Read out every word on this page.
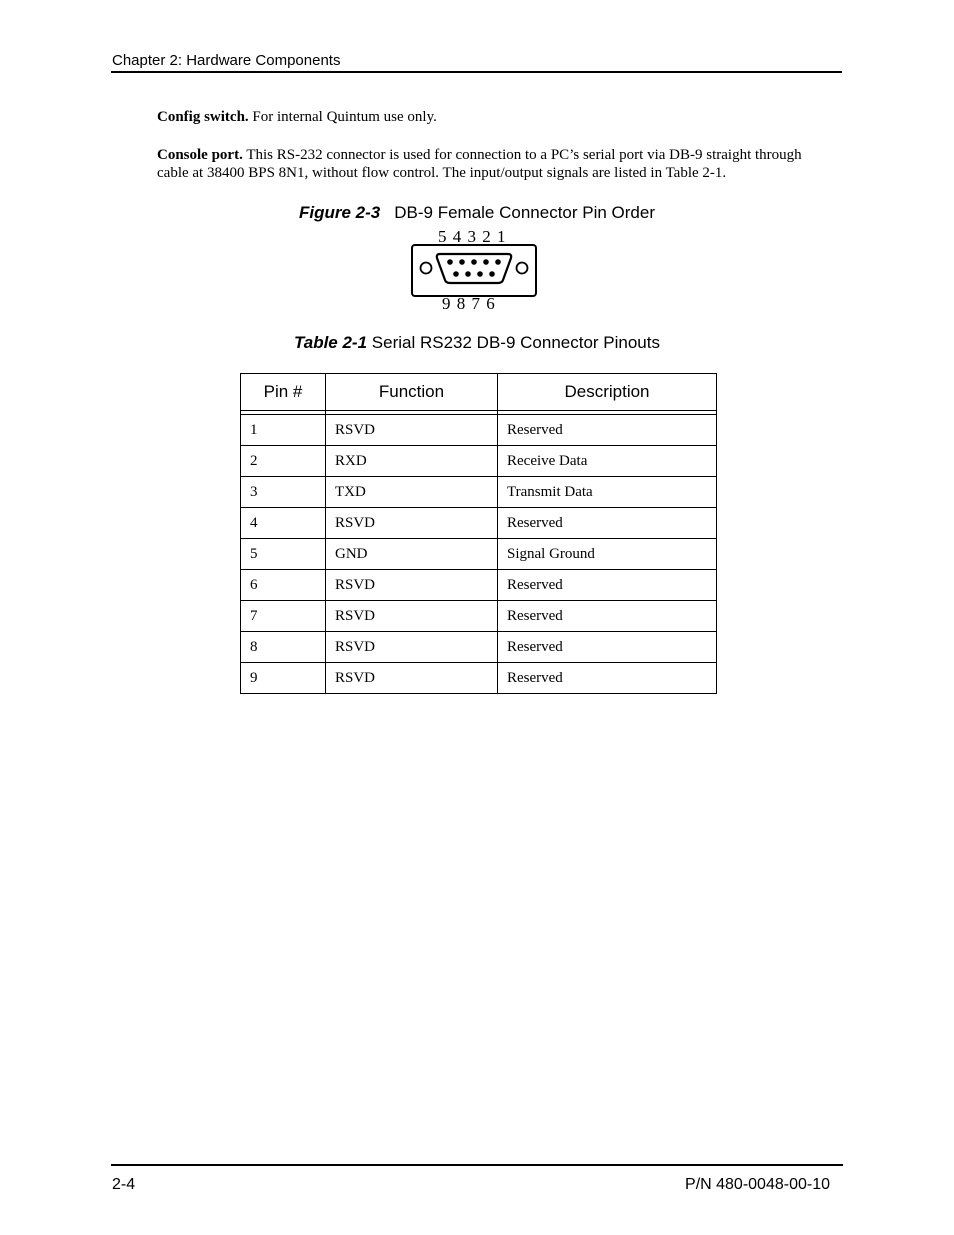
Chapter 2: Hardware Components
Config switch. For internal Quintum use only.
Console port. This RS-232 connector is used for connection to a PC’s serial port via DB-9 straight through cable at 38400 BPS 8N1, without flow control. The input/output signals are listed in Table 2-1.
Figure 2-3 DB-9 Female Connector Pin Order
5 4 3 2 1
9 8 7 6
Table 2-1 Serial RS232 DB-9 Connector Pinouts
Pin #	Function	Description

1	RSVD	Reserved
2	RXD	Receive Data
3	TXD	Transmit Data
4	RSVD	Reserved
5	GND	Signal Ground
6	RSVD	Reserved
7	RSVD	Reserved
8	RSVD	Reserved
9	RSVD	Reserved
2-4	P/N 480-0048-00-10
